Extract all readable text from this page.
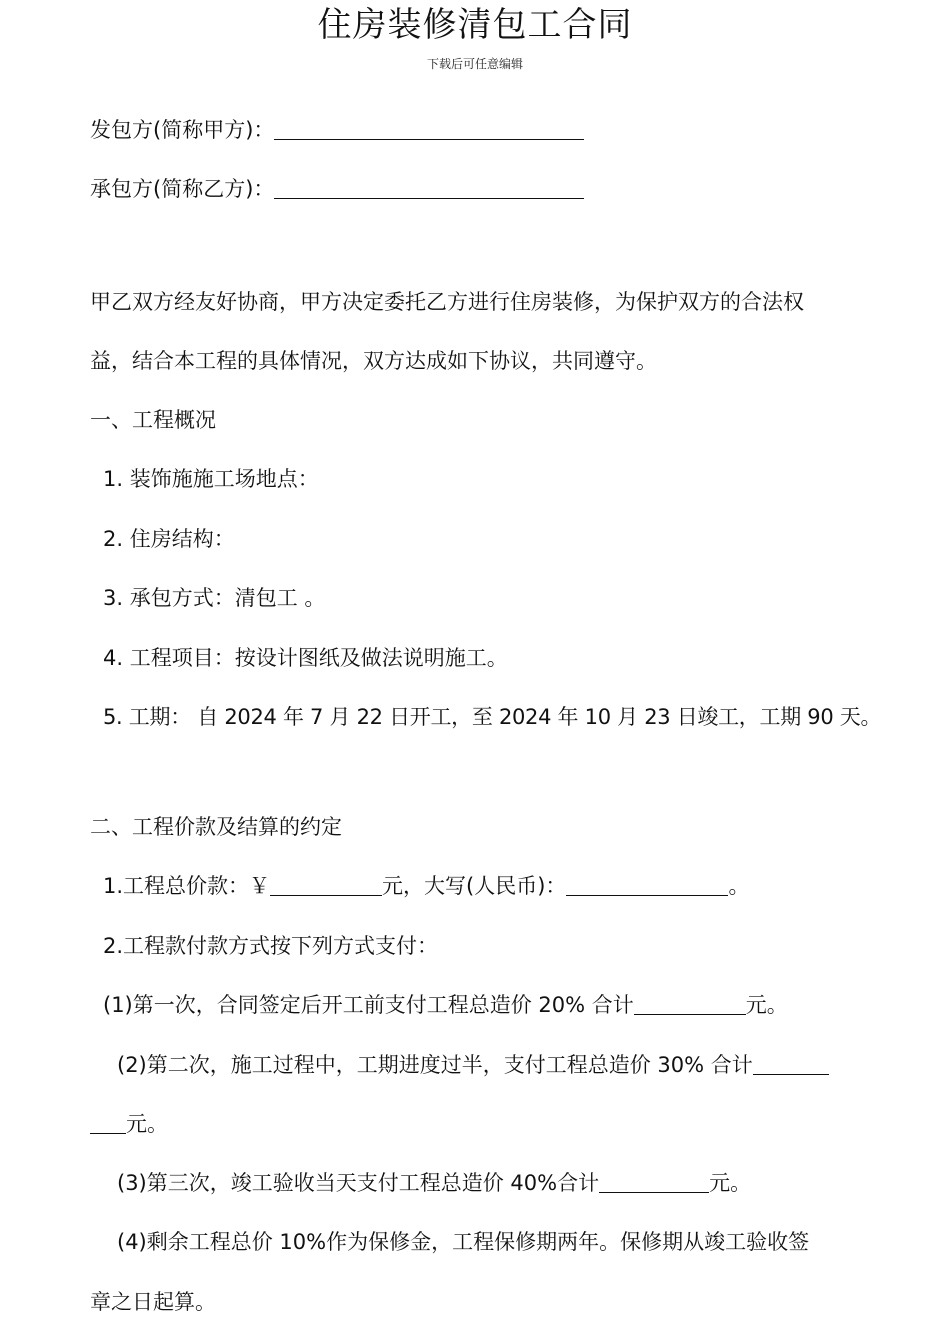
住房装修清包工合同
下载后可任意编辑
发包方(简称甲方)：
承包方(简称乙方)：
甲乙双方经友好协商，甲方决定委托乙方进行住房装修，为保护双方的合法权
益，结合本工程的具体情况，双方达成如下协议，共同遵守。
一、工程概况
1. 装饰施施工场地点：
2. 住房结构：
3. 承包方式：清包工 。
4. 工程项目：按设计图纸及做法说明施工。
5. 工期： 自 2024 年 7 月 22 日开工，至 2024 年 10 月 23 日竣工，工期 90 天。
二、工程价款及结算的约定
1.工程总价款：￥	元，大写(人民币)：	。
2.工程款付款方式按下列方式支付：
(1)第一次，合同签定后开工前支付工程总造价 20% 合计	元。
(2)第二次，施工过程中，工期进度过半，支付工程总造价 30% 合计
元。
(3)第三次，竣工验收当天支付工程总造价 40%合计	元。
(4)剩余工程总价 10%作为保修金，工程保修期两年。保修期从竣工验收签
章之日起算。
